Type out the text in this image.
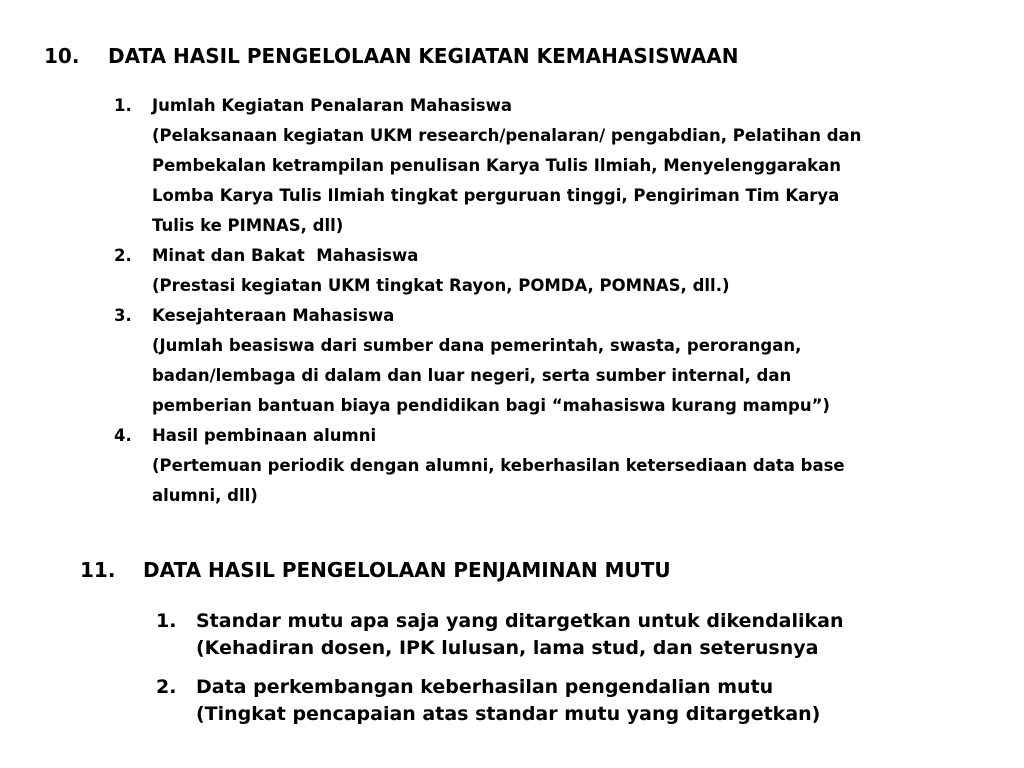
10. DATA HASIL PENGELOLAAN KEGIATAN KEMAHASISWAAN
1. Jumlah Kegiatan Penalaran Mahasiswa
(Pelaksanaan kegiatan UKM research/penalaran/ pengabdian, Pelatihan dan
Pembekalan ketrampilan penulisan Karya Tulis Ilmiah, Menyelenggarakan
Lomba Karya Tulis Ilmiah tingkat perguruan tinggi, Pengiriman Tim Karya
Tulis ke PIMNAS, dll)
2. Minat dan Bakat  Mahasiswa
(Prestasi kegiatan UKM tingkat Rayon, POMDA, POMNAS, dll.)
3. Kesejahteraan Mahasiswa
(Jumlah beasiswa dari sumber dana pemerintah, swasta, perorangan,
badan/lembaga di dalam dan luar negeri, serta sumber internal, dan
pemberian bantuan biaya pendidikan bagi “mahasiswa kurang mampu”)
4. Hasil pembinaan alumni
(Pertemuan periodik dengan alumni, keberhasilan ketersediaan data base
alumni, dll)
11. DATA HASIL PENGELOLAAN PENJAMINAN MUTU
1. Standar mutu apa saja yang ditargetkan untuk dikendalikan
(Kehadiran dosen, IPK lulusan, lama stud, dan seterusnya
2. Data perkembangan keberhasilan pengendalian mutu
(Tingkat pencapaian atas standar mutu yang ditargetkan)
